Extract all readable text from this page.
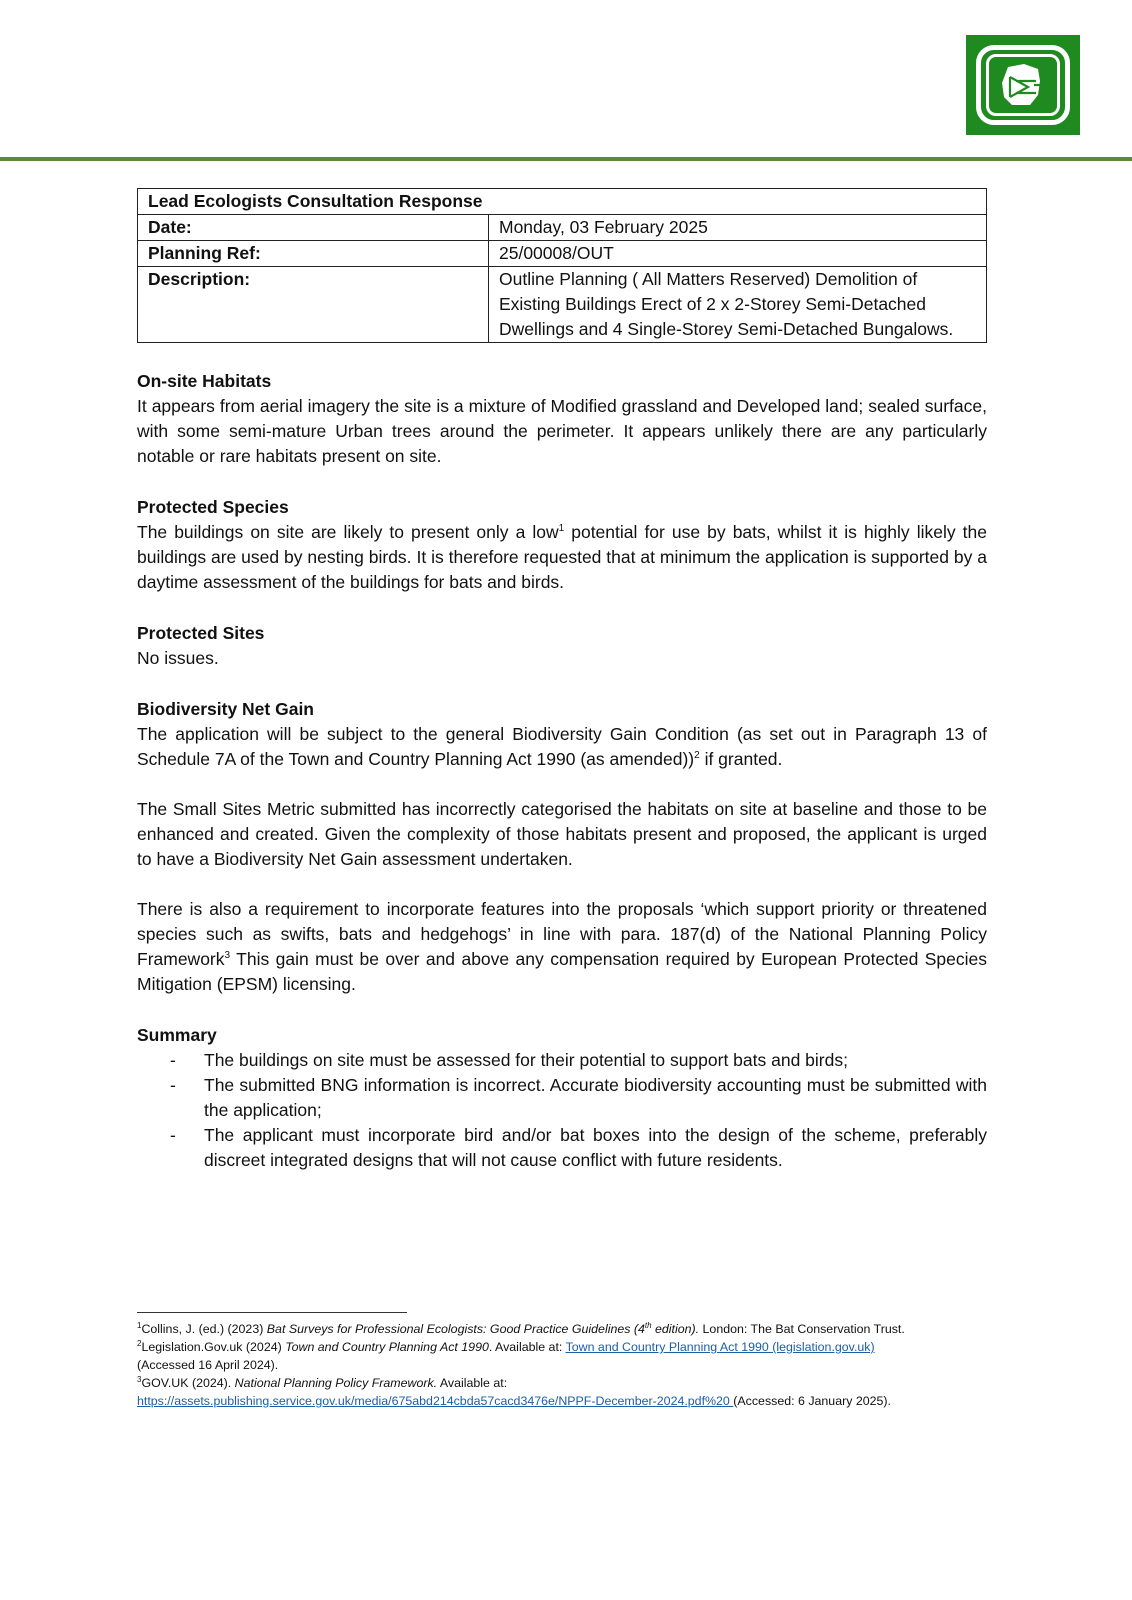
Lead Ecologists Consultation Response	
Date:	Monday, 03 February 2025
Planning Ref:	25/00008/OUT
Description:	Outline Planning ( All Matters Reserved) Demolition of Existing Buildings Erect of 2 x 2-Storey Semi-Detached Dwellings and 4 Single-Storey Semi-Detached Bungalows.
On-site Habitats

It appears from aerial imagery the site is a mixture of Modified grassland and Developed land; sealed surface, with some semi-mature Urban trees around the perimeter. It appears unlikely there are any particularly notable or rare habitats present on site.

Protected Species

The buildings on site are likely to present only a low$^1$ potential for use by bats, whilst it is highly likely the buildings are used by nesting birds. It is therefore requested that at minimum the application is supported by a daytime assessment of the buildings for bats and birds.

Protected Sites

No issues.

Biodiversity Net Gain

The application will be subject to the general Biodiversity Gain Condition (as set out in Paragraph 13 of Schedule 7A of the Town and Country Planning Act 1990 (as amended))$^2$ if granted.

The Small Sites Metric submitted has incorrectly categorised the habitats on site at baseline and those to be enhanced and created. Given the complexity of those habitats present and proposed, the applicant is urged to have a Biodiversity Net Gain assessment undertaken.

There is also a requirement to incorporate features into the proposals ‘which support priority or threatened species such as swifts, bats and hedgehogs’ in line with para. 187(d) of the National Planning Policy Framework$^3$ This gain must be over and above any compensation required by European Protected Species Mitigation (EPSM) licensing.

Summary
- The buildings on site must be assessed for their potential to support bats and birds;
- The submitted BNG information is incorrect. Accurate biodiversity accounting must be submitted with the application;
- The applicant must incorporate bird and/or bat boxes into the design of the scheme, preferably discreet integrated designs that will not cause conflict with future residents.
$^1$Collins, J. (ed.) (2023) Bat Surveys for Professional Ecologists: Good Practice Guidelines (4th edition). London: The Bat Conservation Trust.
$^2$Legislation.Gov.uk (2024) Town and Country Planning Act 1990. Available at: Town and Country Planning Act 1990 (legislation.gov.uk)
(Accessed 16 April 2024).
$^3$GOV.UK (2024). National Planning Policy Framework. Available at:
https://assets.publishing.service.gov.uk/media/675abd214cbda57cacd3476e/NPPF-December-2024.pdf%20 (Accessed: 6 January 2025).
